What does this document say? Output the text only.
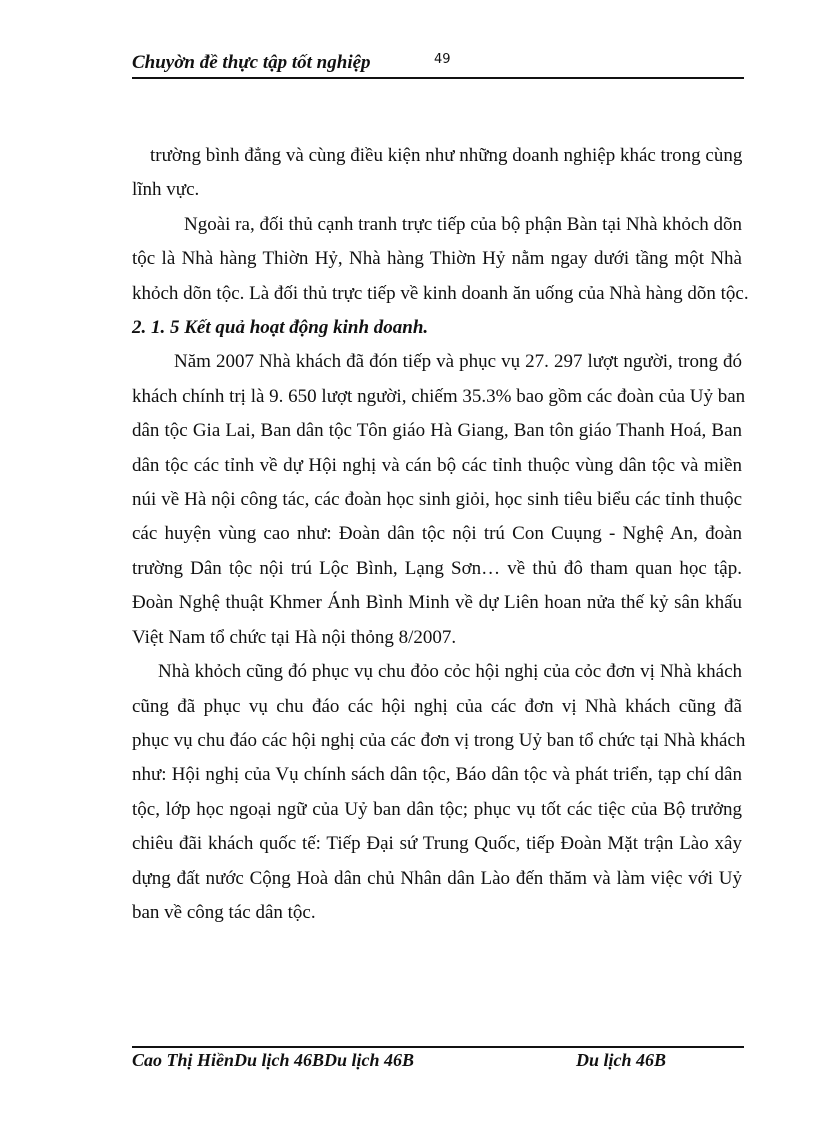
Chuyờn đề thực tập tốt nghiệp	49
trường bình đẳng và cùng điều kiện như những doanh nghiệp khác trong cùng
lĩnh vực.
Ngoài ra, đối thủ cạnh tranh trực tiếp của bộ phận Bàn tại Nhà khỏch dõn
tộc là Nhà hàng Thiờn Hỷ, Nhà hàng Thiờn Hỷ nằm ngay dưới tầng một Nhà
khỏch dõn tộc. Là đối thủ trực tiếp về kinh doanh ăn uống của Nhà hàng dõn tộc.
2. 1. 5 Kết quả hoạt động kinh doanh.
Năm 2007 Nhà khách đã đón tiếp và phục vụ 27. 297 lượt người, trong đó
khách chính trị là 9. 650 lượt người, chiếm 35.3% bao gồm các đoàn của Uỷ ban
dân tộc Gia Lai, Ban dân tộc Tôn giáo Hà Giang, Ban tôn giáo Thanh Hoá, Ban
dân tộc các tỉnh về dự Hội nghị và cán bộ các tỉnh thuộc vùng dân tộc và miền
núi về Hà nội công tác, các đoàn học sinh giỏi, học sinh tiêu biểu các tỉnh thuộc
các huyện vùng cao như: Đoàn dân tộc nội trú Con Cuụng - Nghệ An, đoàn
trường Dân tộc nội trú Lộc Bình, Lạng Sơn… về thủ đô tham quan học tập.
Đoàn Nghệ thuật Khmer Ánh Bình Minh về dự Liên hoan nửa thế kỷ sân khấu
Việt Nam tổ chức tại Hà nội thỏng 8/2007.
Nhà khỏch cũng đó phục vụ chu đỏo cỏc hội nghị của cỏc đơn vị Nhà khách
cũng đã phục vụ chu đáo các hội nghị của các đơn vị Nhà khách cũng đã
phục vụ chu đáo các hội nghị của các đơn vị trong Uỷ ban tổ chức tại Nhà khách
như: Hội nghị của Vụ chính sách dân tộc, Báo dân tộc và phát triển, tạp chí dân
tộc, lớp học ngoại ngữ của Uỷ ban dân tộc; phục vụ tốt các tiệc của Bộ trưởng
chiêu đãi khách quốc tế: Tiếp Đại sứ Trung Quốc, tiếp Đoàn Mặt trận Lào xây
dựng đất nước Cộng Hoà dân chủ Nhân dân Lào đến thăm và làm việc với Uỷ
ban về công tác dân tộc.
Cao Thị HiềnDu lịch 46BDu lịch 46B	Du lịch 46B
